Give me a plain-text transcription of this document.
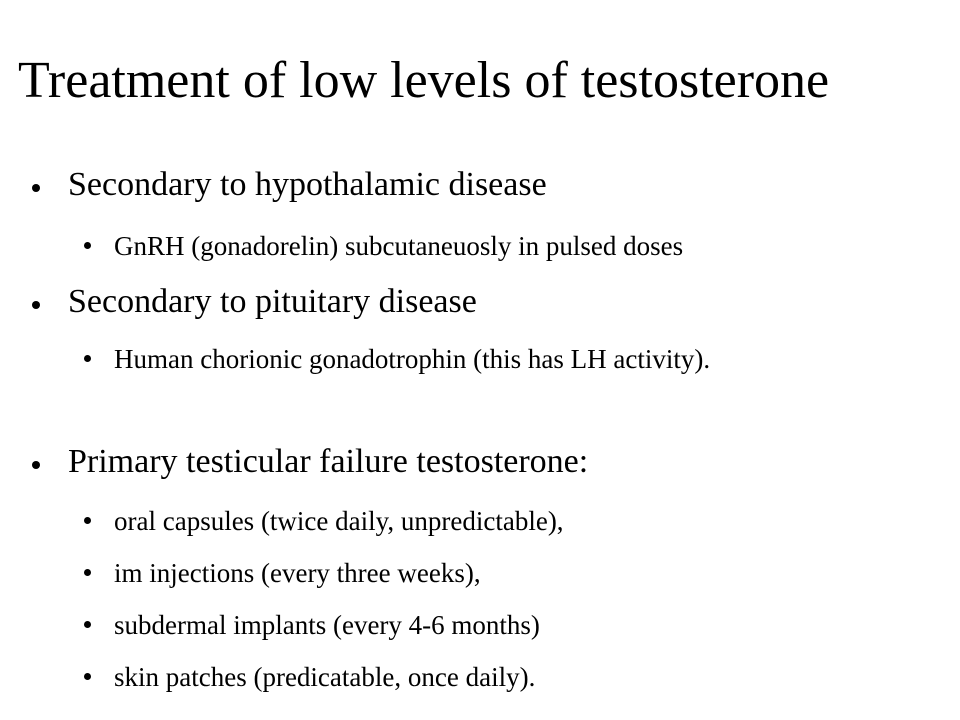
Treatment of low levels of testosterone
Secondary to hypothalamic disease
GnRH (gonadorelin) subcutaneuosly in pulsed doses
Secondary to pituitary disease
Human chorionic gonadotrophin (this has LH activity).
Primary testicular failure testosterone:
oral capsules (twice daily, unpredictable),
im injections (every three weeks),
subdermal implants (every 4-6 months)
skin patches (predicatable, once daily).
